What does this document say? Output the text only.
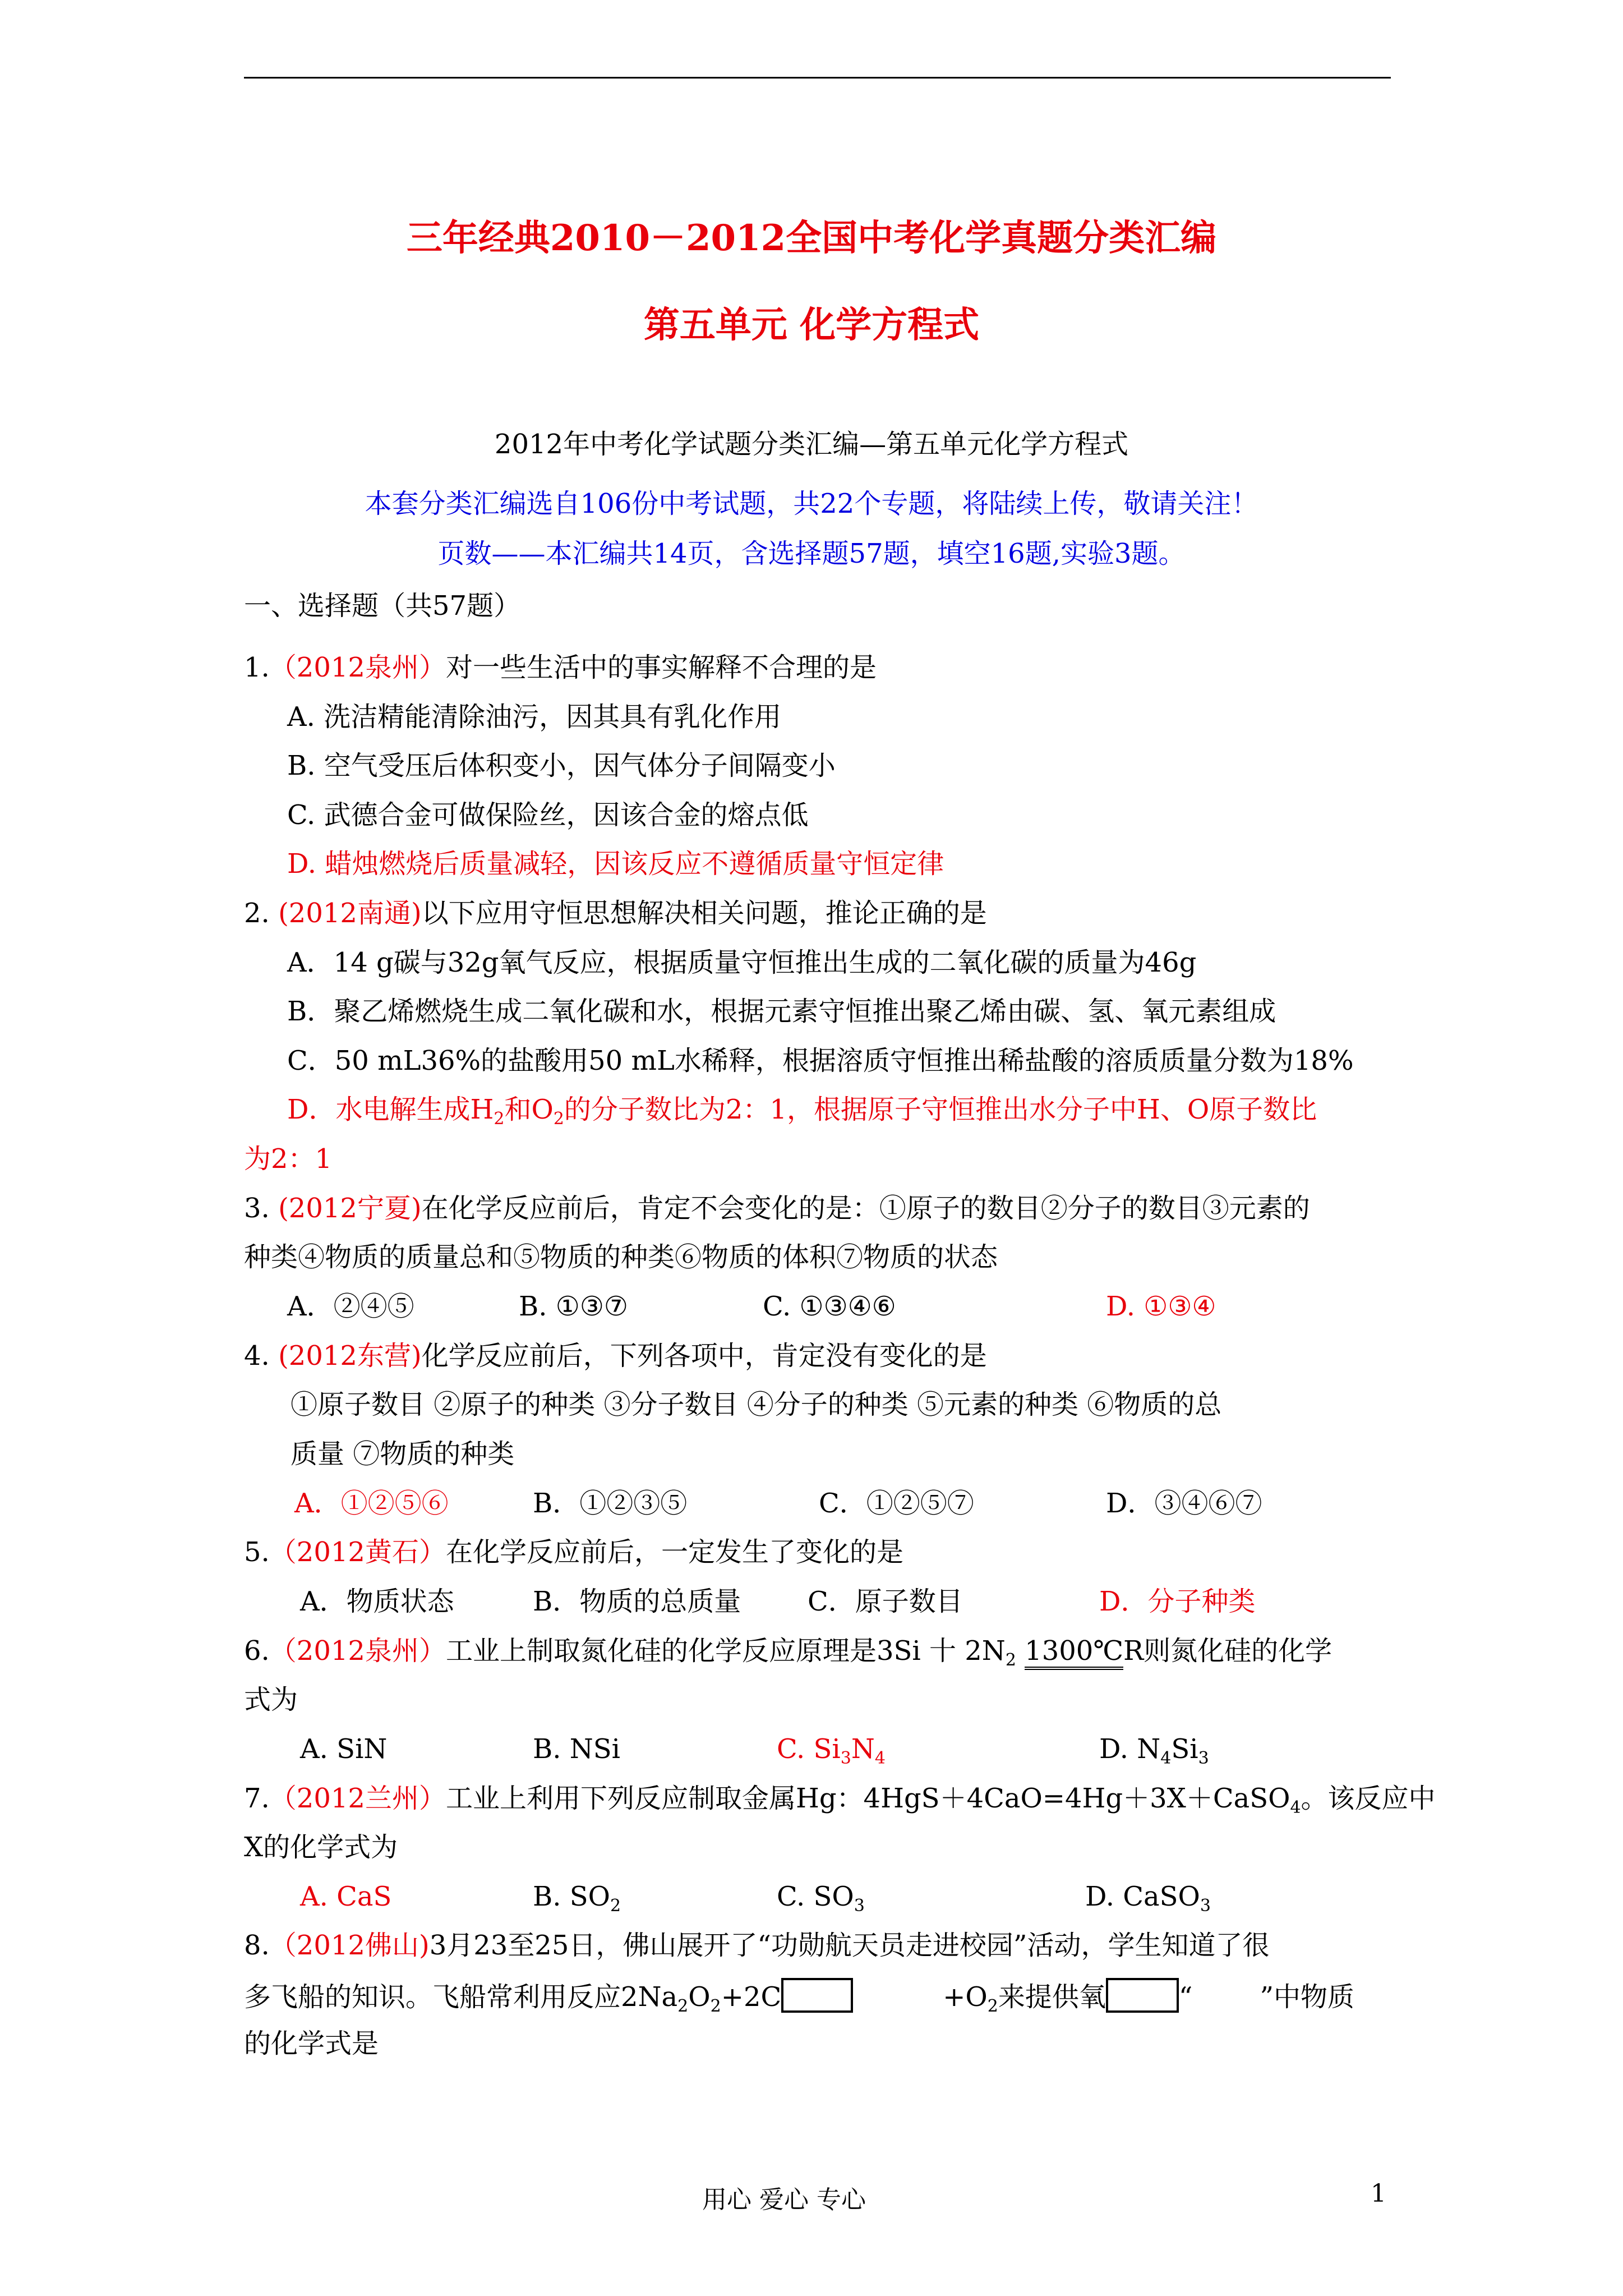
三年经典2010－2012全国中考化学真题分类汇编
第五单元 化学方程式
2012年中考化学试题分类汇编—第五单元化学方程式
本套分类汇编选自106份中考试题，共22个专题，将陆续上传，敬请关注！
页数——本汇编共14页，含选择题57题，填空16题,实验3题。
一、选择题（共57题）
1.（2012泉州）对一些生活中的事实解释不合理的是
A. 洗洁精能清除油污，因其具有乳化作用
B. 空气受压后体积变小，因气体分子间隔变小
C. 武德合金可做保险丝，因该合金的熔点低
D. 蜡烛燃烧后质量减轻，因该反应不遵循质量守恒定律
2. (2012南通)以下应用守恒思想解决相关问题，推论正确的是
A．14 g碳与32g氧气反应，根据质量守恒推出生成的二氧化碳的质量为46g
B．聚乙烯燃烧生成二氧化碳和水，根据元素守恒推出聚乙烯由碳、氢、氧元素组成
C．50 mL36%的盐酸用50 mL水稀释，根据溶质守恒推出稀盐酸的溶质质量分数为18%
D．水电解生成$H_2$和$O_2$的分子数比为2：1，根据原子守恒推出水分子中H、O原子数比
为2：1
3. (2012宁夏)在化学反应前后，肯定不会变化的是：①原子的数目②分子的数目③元素的
种类④物质的质量总和⑤物质的种类⑥物质的体积⑦物质的状态
A．②④⑤	B. ①③⑦	C. ①③④⑥	D. ①③④
4. (2012东营)化学反应前后，下列各项中，肯定没有变化的是
①原子数目 ②原子的种类 ③分子数目 ④分子的种类 ⑤元素的种类 ⑥物质的总
质量 ⑦物质的种类
A．①②⑤⑥	B．①②③⑤	C．①②⑤⑦	D．③④⑥⑦
5.（2012黄石）在化学反应前后，一定发生了变化的是
A．物质状态	B．物质的总质量 C．原子数目	D．分子种类
6.（2012泉州）工业上制取氮化硅的化学反应原理是3Si 十 $2N_2$ 1300℃R则氮化硅的化学
式为
A. SiN	B. NSi	C. $Si_3N_4$	D. $N_4Si_3$
7.（2012兰州）工业上利用下列反应制取金属Hg：4HgS＋4CaO=4Hg＋3X＋CaSO$_4$。该反应中
X的化学式为
A. CaS	B. $SO_2$	C. $SO_3$	D. CaSO$_3$
8.（2012佛山)3月23至25日，佛山展开了“功勋航天员走进校园”活动，学生知道了很
多飞船的知识。飞船常利用反应$2Na_2O_2+2C$	$+O_2$来提供氧	“	”中物质
的化学式是
用心 爱心 专心	1
